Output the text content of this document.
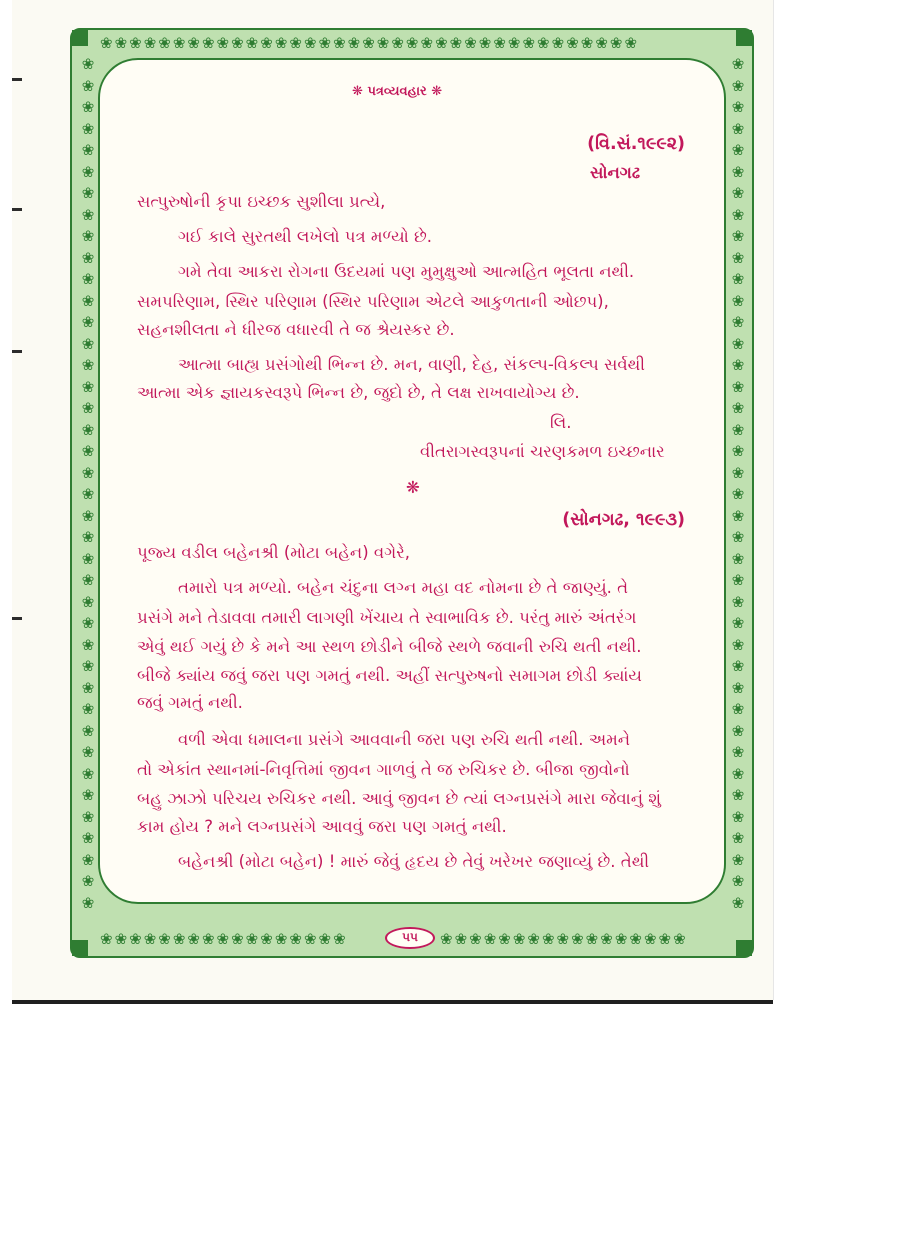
❀❀❀❀❀❀❀❀❀❀❀❀❀❀❀❀❀❀❀❀❀❀❀❀❀❀❀❀❀❀❀❀❀❀❀❀❀
❀❀❀❀❀❀❀❀❀❀❀❀❀❀❀❀❀	❀❀❀❀❀❀❀❀❀❀❀❀❀❀❀❀❀
❀
❀
❀
❀
❀
❀
❀
❀
❀
❀
❀
❀
❀
❀
❀
❀
❀
❀
❀
❀
❀
❀
❀
❀
❀
❀
❀
❀
❀
❀
❀
❀
❀
❀
❀
❀
❀
❀
❀
❀
❀
❀
❀
❀
❀
❀
❀
❀
❀
❀
❀
❀
❀
❀
❀
❀
❀
❀
❀
❀
❀
❀
❀
❀
❀
❀
❀
❀
❀
❀
❀
❀
❀
❀
❀
❀
❀
❀
❀
❀
❋ પત્રવ્યવહાર ❋
(વિ.સં.૧૯૯૨)
સોનગઢ
સત્પુરુષોની કૃપા ઇચ્છક સુશીલા પ્રત્યે,
ગઈ કાલે સુરતથી લખેલો પત્ર મળ્યો છે.
ગમે તેવા આકરા રોગના ઉદયમાં પણ મુમુક્ષુઓ આત્મહિત ભૂલતા નથી.
સમપરિણામ, સ્થિર પરિણામ (સ્થિર પરિણામ એટલે આકુળતાની ઓછપ),
સહનશીલતા ને ધીરજ વધારવી તે જ શ્રેયસ્કર છે.
આત્મા બાહ્ય પ્રસંગોથી ભિન્ન છે. મન, વાણી, દેહ, સંકલ્પ-વિકલ્પ સર્વથી
આત્મા એક જ્ઞાયકસ્વરૂપે ભિન્ન છે, જુદો છે, તે લક્ષ રાખવાયોગ્ય છે.
લિ.
વીતરાગસ્વરૂપનાં ચરણકમળ ઇચ્છનાર
❋
(સોનગઢ, ૧૯૯૩)
પૂજ્ય વડીલ બહેનશ્રી (મોટા બહેન) વગેરે,
તમારો પત્ર મળ્યો. બહેન ચંદુના લગ્ન મહા વદ નોમના છે તે જાણ્યું. તે
પ્રસંગે મને તેડાવવા તમારી લાગણી ખેંચાય તે સ્વાભાવિક છે. પરંતુ મારું અંતરંગ
એવું થઈ ગયું છે કે મને આ સ્થળ છોડીને બીજે સ્થળે જવાની રુચિ થતી નથી.
બીજે ક્યાંય જવું જરા પણ ગમતું નથી. અહીં સત્પુરુષનો સમાગમ છોડી ક્યાંય
જવું ગમતું નથી.
વળી એવા ધમાલના પ્રસંગે આવવાની જરા પણ રુચિ થતી નથી. અમને
તો એકાંત સ્થાનમાં-નિવૃત્તિમાં જીવન ગાળવું તે જ રુચિકર છે. બીજા જીવોનો
બહુ ઝાઝો પરિચય રુચિકર નથી. આવું જીવન છે ત્યાં લગ્નપ્રસંગે મારા જેવાનું શું
કામ હોય ? મને લગ્નપ્રસંગે આવવું જરા પણ ગમતું નથી.
બહેનશ્રી (મોટા બહેન) ! મારું જેવું હૃદય છે તેવું ખરેખર જણાવ્યું છે. તેથી
૫૫
